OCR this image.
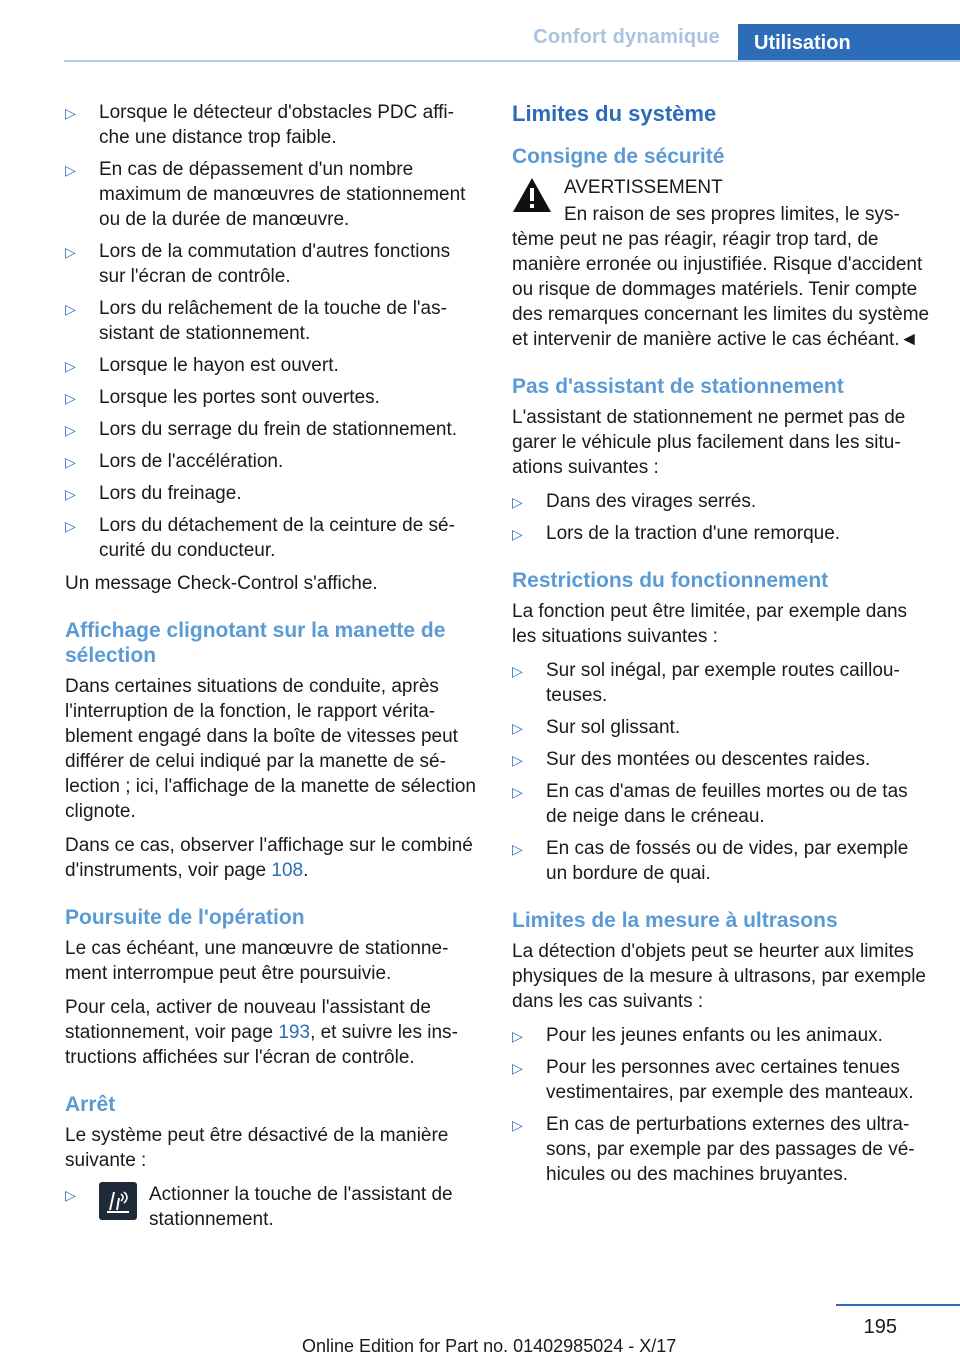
Confort dynamique	Utilisation
▷ Lorsque le détecteur d'obstacles PDC affiche une distance trop faible.
▷ En cas de dépassement d'un nombre maximum de manœuvres de stationnement ou de la durée de manœuvre.
▷ Lors de la commutation d'autres fonctions sur l'écran de contrôle.
▷ Lors du relâchement de la touche de l'assistant de stationnement.
▷ Lorsque le hayon est ouvert.
▷ Lorsque les portes sont ouvertes.
▷ Lors du serrage du frein de stationnement.
▷ Lors de l'accélération.
▷ Lors du freinage.
▷ Lors du détachement de la ceinture de sécurité du conducteur.

Un message Check-Control s'affiche.

Affichage clignotant sur la manette de sélection

Dans certaines situations de conduite, après l'interruption de la fonction, le rapport véritablement engagé dans la boîte de vitesses peut différer de celui indiqué par la manette de sélection ; ici, l'affichage de la manette de sélection clignote.

Dans ce cas, observer l'affichage sur le combiné d'instruments, voir page 108.

Poursuite de l'opération

Le cas échéant, une manœuvre de stationnement interrompue peut être poursuivie.

Pour cela, activer de nouveau l'assistant de stationnement, voir page 193, et suivre les instructions affichées sur l'écran de contrôle.

Arrêt

Le système peut être désactivé de la manière suivante :

▷	Actionner la touche de l'assistant de stationnement.
Limites du système
Consigne de sécurité
AVERTISSEMENT

En raison de ses propres limites, le système peut ne pas réagir, réagir trop tard, de manière erronée ou injustifiée. Risque d'accident ou risque de dommages matériels. Tenir compte des remarques concernant les limites du système et intervenir de manière active le cas échéant.◄

Pas d'assistant de stationnement

L'assistant de stationnement ne permet pas de garer le véhicule plus facilement dans les situations suivantes :

▷ Dans des virages serrés.
▷ Lors de la traction d'une remorque.
Restrictions du fonctionnement

La fonction peut être limitée, par exemple dans les situations suivantes :

▷ Sur sol inégal, par exemple routes caillouteuses.
▷ Sur sol glissant.
▷ Sur des montées ou descentes raides.
▷ En cas d'amas de feuilles mortes ou de tas de neige dans le créneau.
▷ En cas de fossés ou de vides, par exemple un bordure de quai.
Limites de la mesure à ultrasons

La détection d'objets peut se heurter aux limites physiques de la mesure à ultrasons, par exemple dans les cas suivants :

▷ Pour les jeunes enfants ou les animaux.
▷ Pour les personnes avec certaines tenues vestimentaires, par exemple des manteaux.
▷ En cas de perturbations externes des ultrasons, par exemple par des passages de véhicules ou des machines bruyantes.
195
Online Edition for Part no. 01402985024 - X/17
